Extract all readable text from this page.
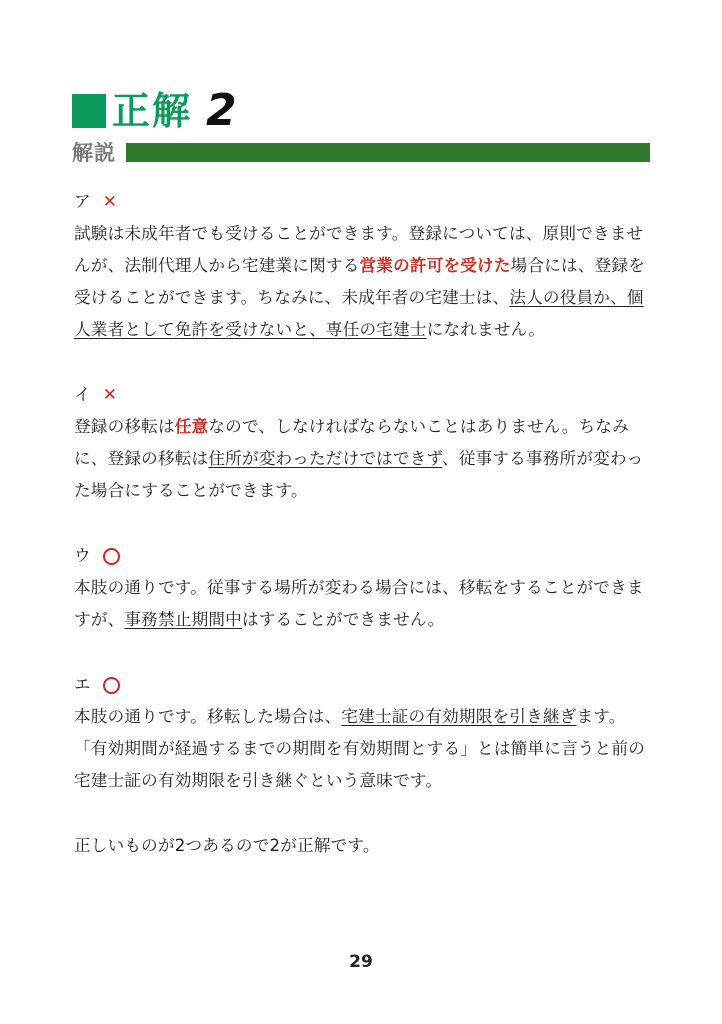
正解 2
解説
ア ✕
試験は未成年者でも受けることができます。登録については、原則できませんが、法制代理人から宅建業に関する営業の許可を受けた場合には、登録を受けることができます。ちなみに、未成年者の宅建士は、法人の役員か、個人業者として免許を受けないと、専任の宅建士になれません。
イ ✕
登録の移転は任意なので、しなければならないことはありません。ちなみに、登録の移転は住所が変わっただけではできず、従事する事務所が変わった場合にすることができます。
ウ
本肢の通りです。従事する場所が変わる場合には、移転をすることができますが、事務禁止期間中はすることができません。
エ
本肢の通りです。移転した場合は、宅建士証の有効期限を引き継ぎます。「有効期間が経過するまでの期間を有効期間とする」とは簡単に言うと前の宅建士証の有効期限を引き継ぐという意味です。
正しいものが2つあるので2が正解です。
29
